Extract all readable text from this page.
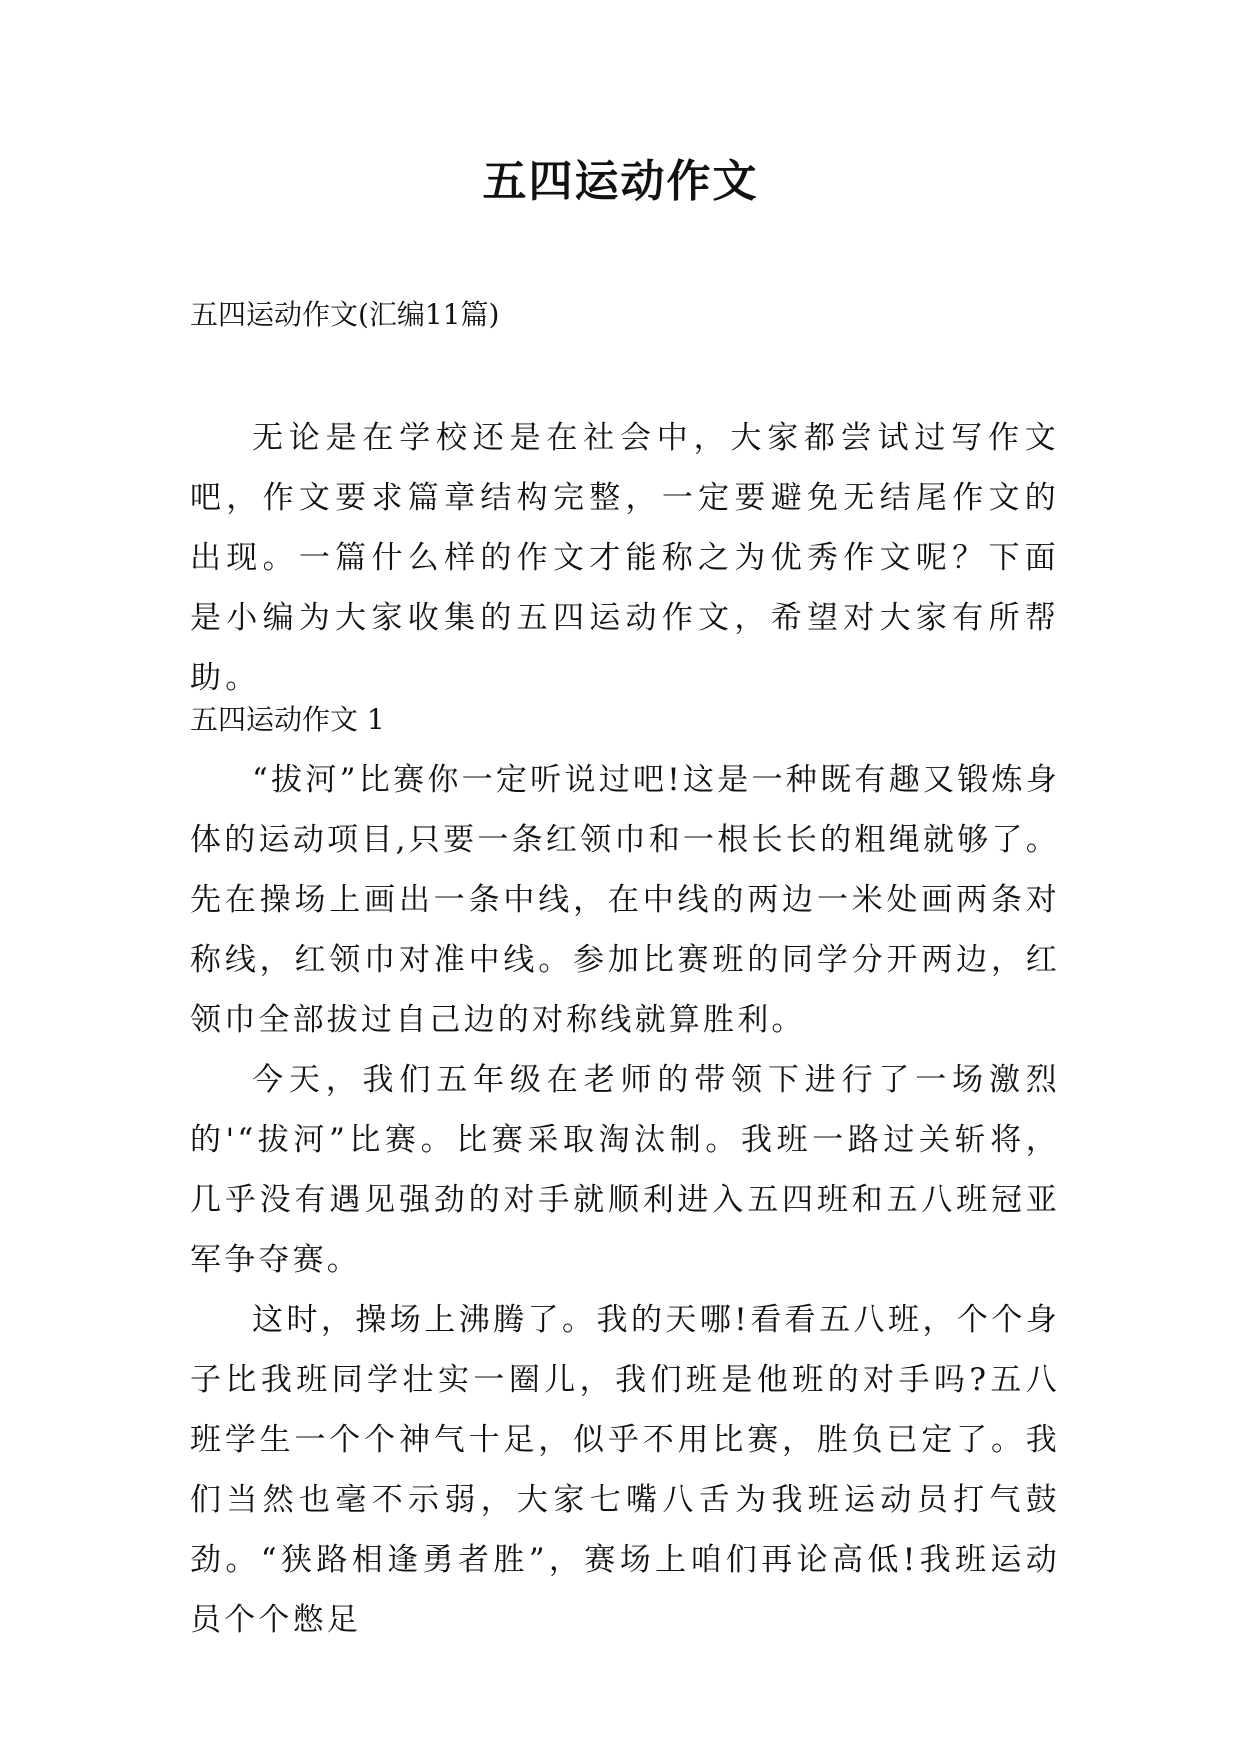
五四运动作文
五四运动作文(汇编11篇)

无论是在学校还是在社会中，大家都尝试过写作文吧，作文要求篇章结构完整，一定要避免无结尾作文的出现。一篇什么样的作文才能称之为优秀作文呢？下面是小编为大家收集的五四运动作文，希望对大家有所帮助。

五四运动作文 1

“拔河”比赛你一定听说过吧!这是一种既有趣又锻炼身体的运动项目,只要一条红领巾和一根长长的粗绳就够了。先在操场上画出一条中线，在中线的两边一米处画两条对称线，红领巾对准中线。参加比赛班的同学分开两边，红领巾全部拔过自己边的对称线就算胜利。

今天，我们五年级在老师的带领下进行了一场激烈的'“拔河”比赛。比赛采取淘汰制。我班一路过关斩将，几乎没有遇见强劲的对手就顺利进入五四班和五八班冠亚军争夺赛。

这时，操场上沸腾了。我的天哪!看看五八班，个个身子比我班同学壮实一圈儿，我们班是他班的对手吗?五八班学生一个个神气十足，似乎不用比赛，胜负已定了。我们当然也毫不示弱，大家七嘴八舌为我班运动员打气鼓劲。“狭路相逢勇者胜”，赛场上咱们再论高低!我班运动员个个憋足
